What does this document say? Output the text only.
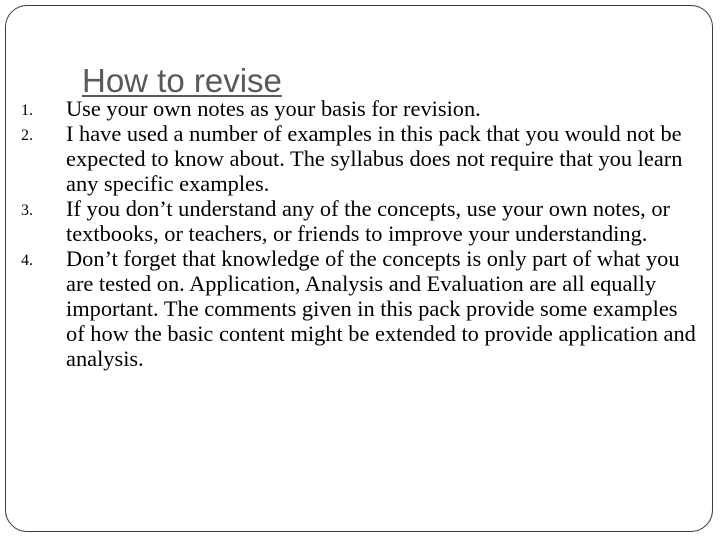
How to revise
1. Use your own notes as your basis for revision.
2. I have used a number of examples in this pack that you would not be expected to know about. The syllabus does not require that you learn any specific examples.
3. If you don’t understand any of the concepts, use your own notes, or textbooks, or teachers, or friends to improve your understanding.
4. Don’t forget that knowledge of the concepts is only part of what you are tested on. Application, Analysis and Evaluation are all equally important. The comments given in this pack provide some examples of how the basic content might be extended to provide application and analysis.
